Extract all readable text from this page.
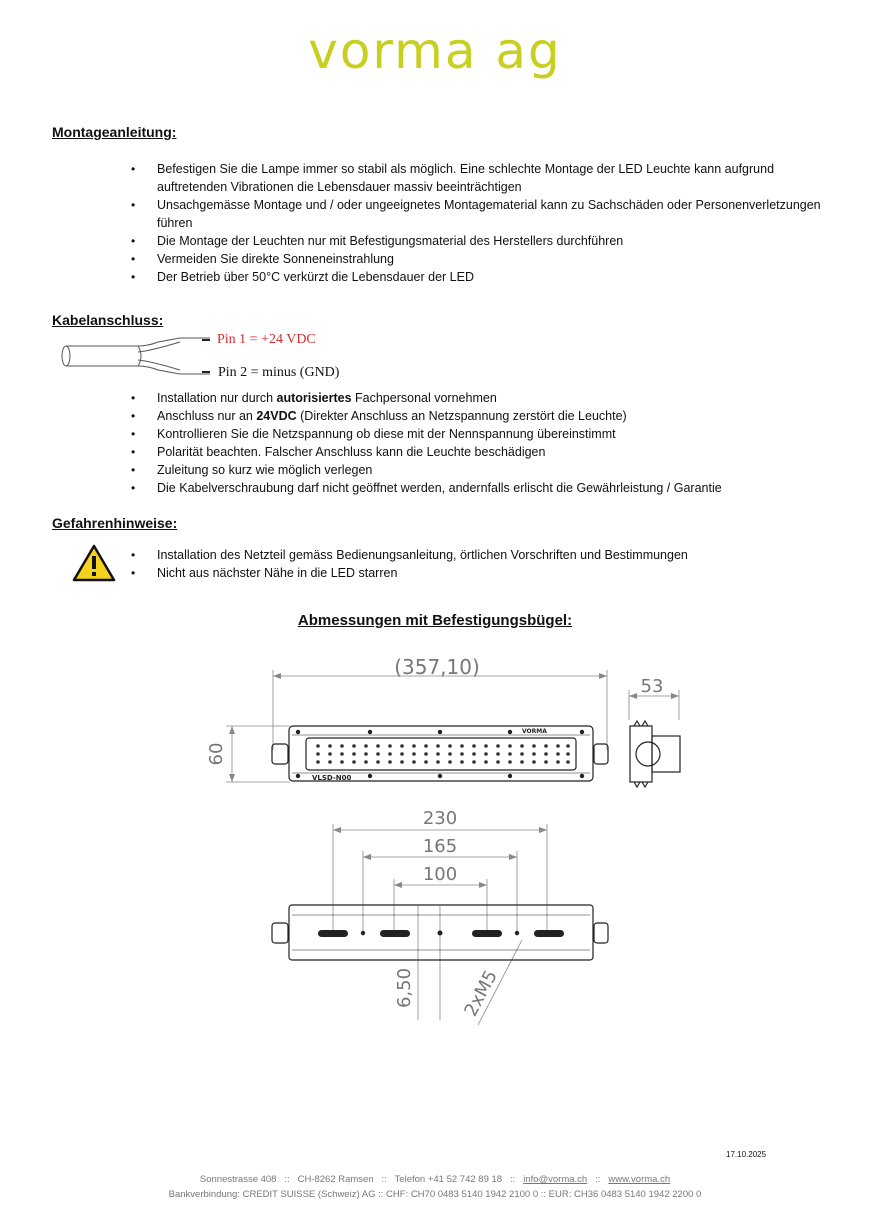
vorma ag
Montageanleitung:
• Befestigen Sie die Lampe immer so stabil als möglich. Eine schlechte Montage der LED Leuchte kann aufgrund auftretenden Vibrationen die Lebensdauer massiv beeinträchtigen
• Unsachgemässe Montage und / oder ungeeignetes Montagematerial kann zu Sachschäden oder Personenverletzungen führen
• Die Montage der Leuchten nur mit Befestigungsmaterial des Herstellers durchführen
• Vermeiden Sie direkte Sonneneinstrahlung
• Der Betrieb über 50°C verkürzt die Lebensdauer der LED
Kabelanschluss:
Pin 1 = +24 VDC
Pin 2 = minus (GND)
• Installation nur durch autorisiertes Fachpersonal vornehmen
• Anschluss nur an 24VDC (Direkter Anschluss an Netzspannung zerstört die Leuchte)
• Kontrollieren Sie die Netzspannung ob diese mit der Nennspannung übereinstimmt
• Polarität beachten. Falscher Anschluss kann die Leuchte beschädigen
• Zuleitung so kurz wie möglich verlegen
• Die Kabelverschraubung darf nicht geöffnet werden, andernfalls erlischt die Gewährleistung / Garantie
Gefahrenhinweise:
• Installation des Netzteil gemäss Bedienungsanleitung, örtlichen Vorschriften und Bestimmungen
• Nicht aus nächster Nähe in die LED starren
Abmessungen mit Befestigungsbügel:
(357,10)
60
53
VLSD-N00
VORMA
230
165
100
6,50	2xM5
17.10.2025
Sonnestrasse 408   ::   CH-8262 Ramsen   ::   Telefon +41 52 742 89 18   ::   info@vorma.ch   ::   www.vorma.ch
Bankverbindung: CREDIT SUISSE (Schweiz) AG :: CHF: CH70 0483 5140 1942 2100 0 :: EUR: CH36 0483 5140 1942 2200 0
